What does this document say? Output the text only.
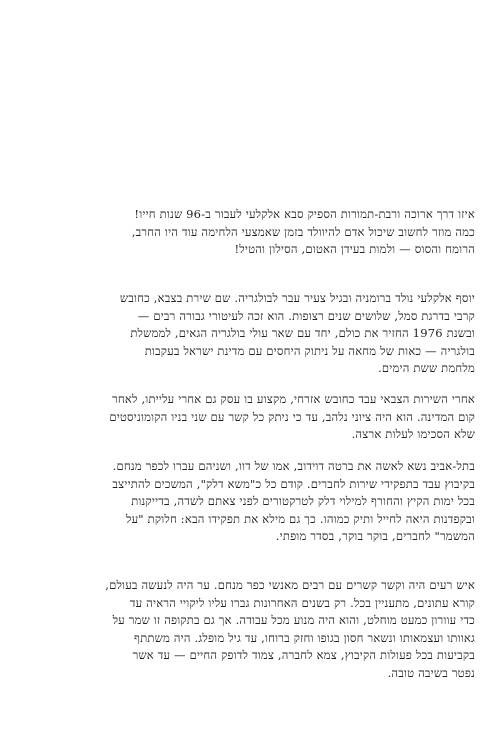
איזו דרך ארוכה ורבת-תמורות הספיק סבא אלקלעי לעבור ב-96 שנות חייו!
כמה מוזר לחשוב שיכול אדם להיוולד בזמן שאמצעי הלחימה עוד היו החרב,
הרומח והסוס — ולמות בעידן האטום, הסילון והטיל!
יוסף אלקלעי נולד ברומניה ובגיל צעיר עבר לבולגריה. שם שירת בצבא, כחובש
קרבי בדרגת סמל, שלושים שנים רצופות. הוא זכה לעיטורי גבורה רבים —
ובשנת 1976 החזיר את כולם, יחד עם שאר עולי בולגריה הגאים, לממשלת
בולגריה — כאות של מחאה על ניתוק היחסים עם מדינת ישראל בעקבות
מלחמת ששת הימים.
אחרי השירות הצבאי עבד כחובש אזרחי, מקצוע בו עסק גם אחרי עלייתו, לאחר
קום המדינה. הוא היה ציוני נלהב, עד כי ניתק כל קשר עם שני בניו הקומוניסטים
שלא הסכימו לעלות ארצה.
בתל-אביב נשא לאשה את ברטה דוידוב, אמו של דוו, ושניהם עברו לכפר מנחם.
בקיבוץ עבד בתפקידי שירות לחברים. קודם כל כ"משא דלק", המשכים להתייצב
בכל ימות הקיץ והחורף למילוי דלק לטרקטורים לפני צאתם לשדה, בדייקנות
ובקפדנות היאה לחייל ותיק כמוהו. כך גם מילא את תפקידו הבא: חלוקת "על
המשמר" לחברים, בוקר בוקר, בסדר מופתי.
איש רעים היה וקשר קשרים עם רבים מאנשי כפר מנחם. ער היה לנעשה בעולם,
קורא עתונים, מתעניין בכל. רק בשנים האחרונות גברו עליו ליקויי הראיה עד
כדי עוורון כמעט מוחלט, והוא היה מנוע מכל עבודה. אך גם בתקופה זו שמר על
גאוותו ועצמאותו ונשאר חסון בגופו וחזק ברוחו, עד גיל מופלג. היה משתתף
בקביעות בכל פעולות הקיבוץ, צמא לחברה, צמוד לדופק החיים — עד אשר
נפטר בשיבה טובה.
